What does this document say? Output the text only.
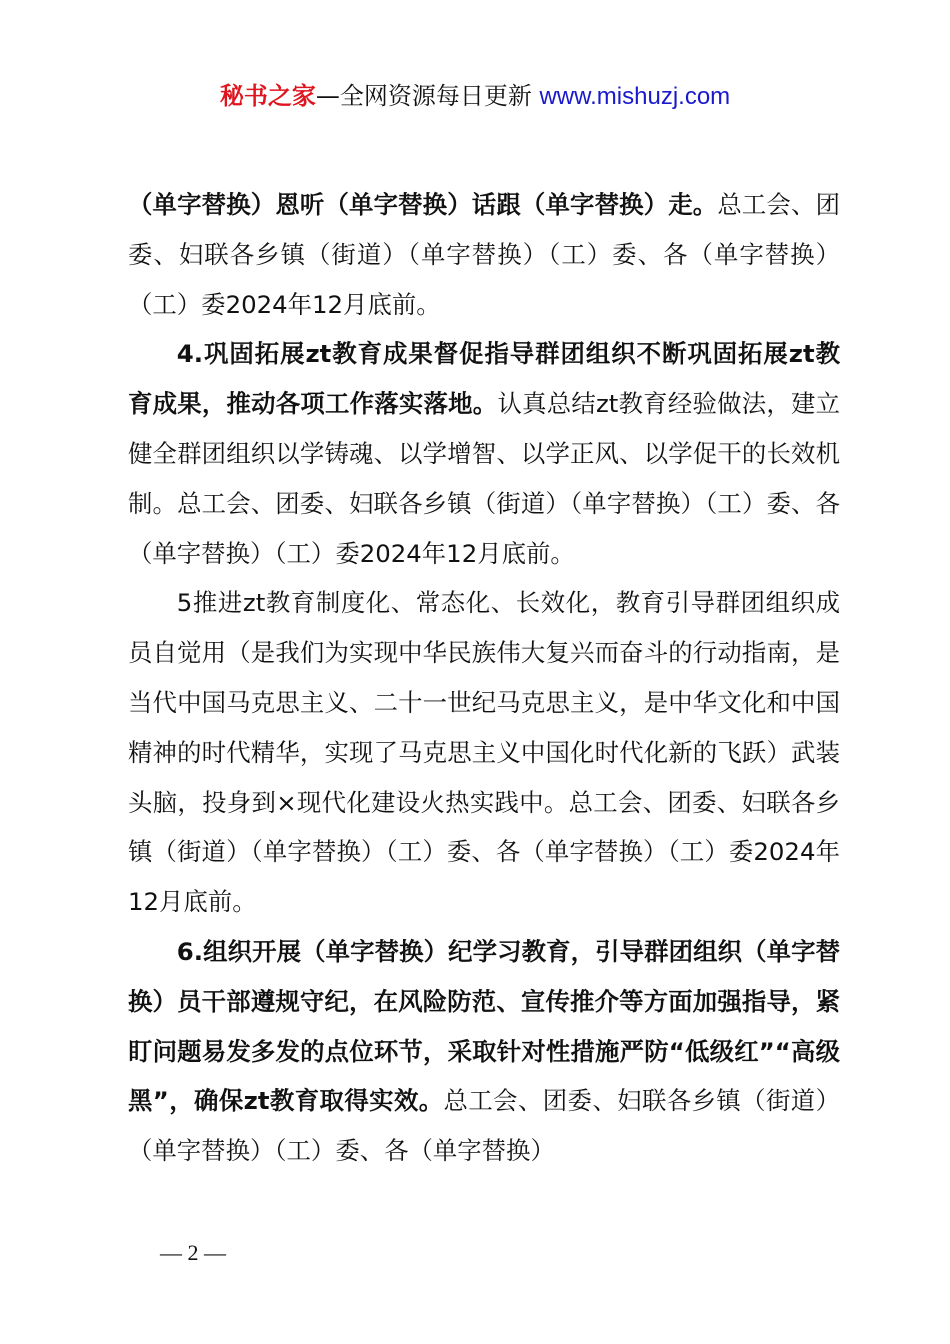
秘书之家—全网资源每日更新 www.mishuzj.com

（单字替换）恩听（单字替换）话跟（单字替换）走。总工会、团委、妇联各乡镇（街道）（单字替换）（工）委、各（单字替换）（工）委2024年12月底前。

4.巩固拓展zt教育成果督促指导群团组织不断巩固拓展zt教育成果，推动各项工作落实落地。认真总结zt教育经验做法，建立健全群团组织以学铸魂、以学增智、以学正风、以学促干的长效机制。总工会、团委、妇联各乡镇（街道）（单字替换）（工）委、各（单字替换）（工）委2024年12月底前。

5推进zt教育制度化、常态化、长效化，教育引导群团组织成员自觉用（是我们为实现中华民族伟大复兴而奋斗的行动指南，是当代中国马克思主义、二十一世纪马克思主义，是中华文化和中国精神的时代精华，实现了马克思主义中国化时代化新的飞跃）武装头脑，投身到×现代化建设火热实践中。总工会、团委、妇联各乡镇（街道）（单字替换）（工）委、各（单字替换）（工）委2024年12月底前。

6.组织开展（单字替换）纪学习教育，引导群团组织（单字替换）员干部遵规守纪，在风险防范、宣传推介等方面加强指导，紧盯问题易发多发的点位环节，采取针对性措施严防“低级红”“高级黑”，确保zt教育取得实效。总工会、团委、妇联各乡镇（街道）（单字替换）（工）委、各（单字替换）

— 2 —
